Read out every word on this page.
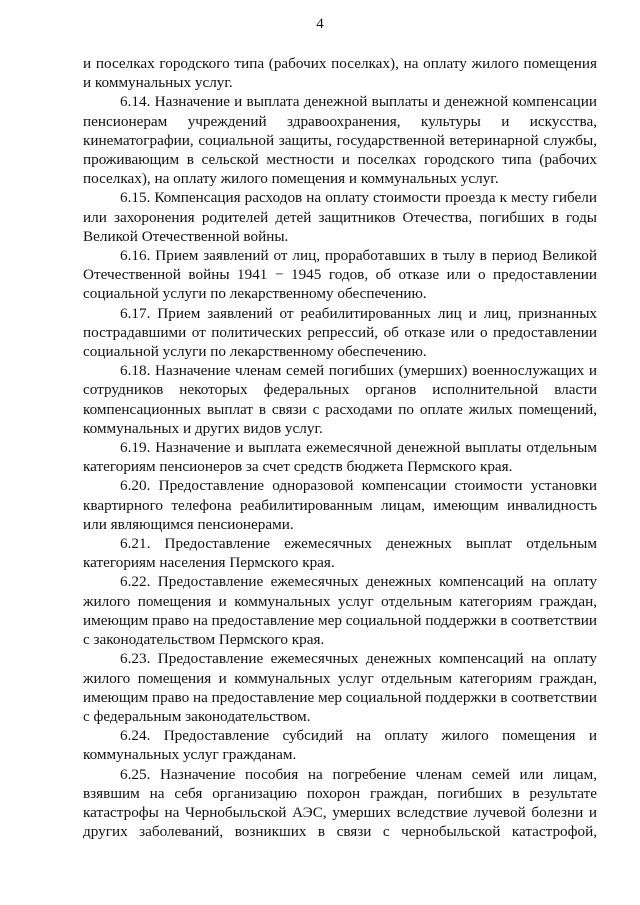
4

и поселках городского типа (рабочих поселках), на оплату жилого помещения и коммунальных услуг.

6.14. Назначение и выплата денежной выплаты и денежной компенсации пенсионерам учреждений здравоохранения, культуры и искусства, кинематографии, социальной защиты, государственной ветеринарной службы, проживающим в сельской местности и поселках городского типа (рабочих поселках), на оплату жилого помещения и коммунальных услуг.

6.15. Компенсация расходов на оплату стоимости проезда к месту гибели или захоронения родителей детей защитников Отечества, погибших в годы Великой Отечественной войны.

6.16. Прием заявлений от лиц, проработавших в тылу в период Великой Отечественной войны 1941 − 1945 годов, об отказе или о предоставлении социальной услуги по лекарственному обеспечению.

6.17. Прием заявлений от реабилитированных лиц и лиц, признанных пострадавшими от политических репрессий, об отказе или о предоставлении социальной услуги по лекарственному обеспечению.

6.18. Назначение членам семей погибших (умерших) военнослужащих и сотрудников некоторых федеральных органов исполнительной власти компенсационных выплат в связи с расходами по оплате жилых помещений, коммунальных и других видов услуг.

6.19. Назначение и выплата ежемесячной денежной выплаты отдельным категориям пенсионеров за счет средств бюджета Пермского края.

6.20. Предоставление одноразовой компенсации стоимости установки квартирного телефона реабилитированным лицам, имеющим инвалидность или являющимся пенсионерами.

6.21. Предоставление ежемесячных денежных выплат отдельным категориям населения Пермского края.

6.22. Предоставление ежемесячных денежных компенсаций на оплату жилого помещения и коммунальных услуг отдельным категориям граждан, имеющим право на предоставление мер социальной поддержки в соответствии с законодательством Пермского края.

6.23. Предоставление ежемесячных денежных компенсаций на оплату жилого помещения и коммунальных услуг отдельным категориям граждан, имеющим право на предоставление мер социальной поддержки в соответствии с федеральным законодательством.

6.24. Предоставление субсидий на оплату жилого помещения и коммунальных услуг гражданам.

6.25. Назначение пособия на погребение членам семей или лицам, взявшим на себя организацию похорон граждан, погибших в результате катастрофы на Чернобыльской АЭС, умерших вследствие лучевой болезни и других заболеваний, возникших в связи с чернобыльской катастрофой,
